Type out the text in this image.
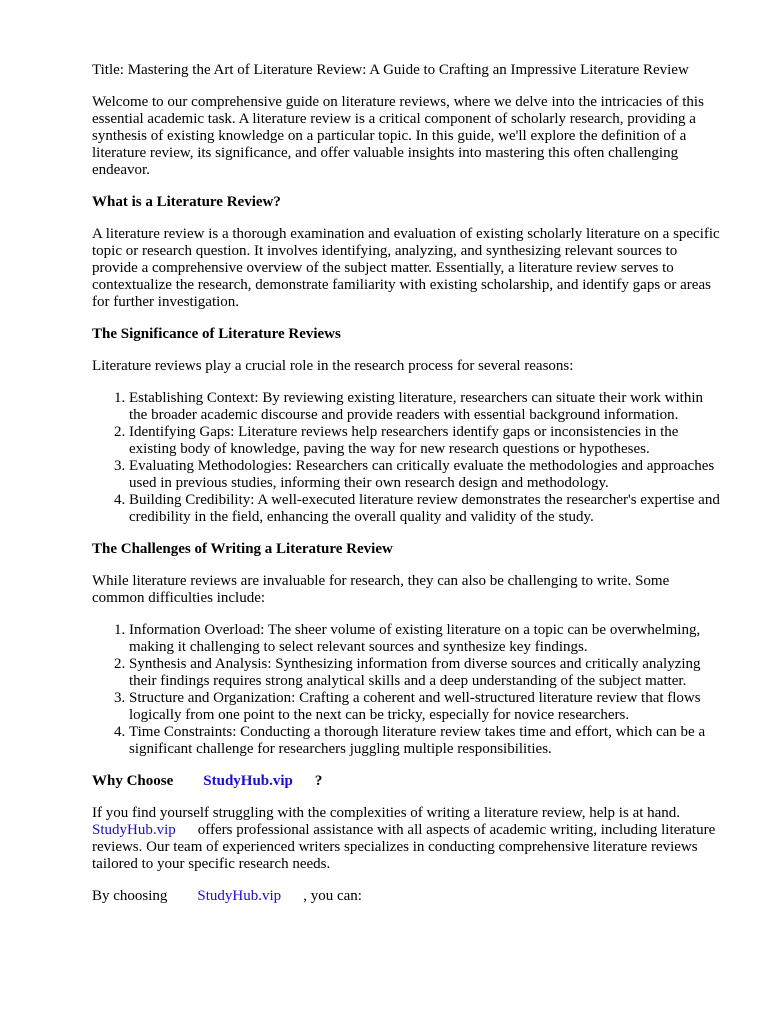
Title: Mastering the Art of Literature Review: A Guide to Crafting an Impressive Literature Review

Welcome to our comprehensive guide on literature reviews, where we delve into the intricacies of this essential academic task. A literature review is a critical component of scholarly research, providing a synthesis of existing knowledge on a particular topic. In this guide, we'll explore the definition of a literature review, its significance, and offer valuable insights into mastering this often challenging endeavor.

What is a Literature Review?

A literature review is a thorough examination and evaluation of existing scholarly literature on a specific topic or research question. It involves identifying, analyzing, and synthesizing relevant sources to provide a comprehensive overview of the subject matter. Essentially, a literature review serves to contextualize the research, demonstrate familiarity with existing scholarship, and identify gaps or areas for further investigation.

The Significance of Literature Reviews

Literature reviews play a crucial role in the research process for several reasons:

1. Establishing Context: By reviewing existing literature, researchers can situate their work within the broader academic discourse and provide readers with essential background information.
2. Identifying Gaps: Literature reviews help researchers identify gaps or inconsistencies in the existing body of knowledge, paving the way for new research questions or hypotheses.
3. Evaluating Methodologies: Researchers can critically evaluate the methodologies and approaches used in previous studies, informing their own research design and methodology.
4. Building Credibility: A well-executed literature review demonstrates the researcher's expertise and credibility in the field, enhancing the overall quality and validity of the study.
The Challenges of Writing a Literature Review

While literature reviews are invaluable for research, they can also be challenging to write. Some common difficulties include:

1. Information Overload: The sheer volume of existing literature on a topic can be overwhelming, making it challenging to select relevant sources and synthesize key findings.
2. Synthesis and Analysis: Synthesizing information from diverse sources and critically analyzing their findings requires strong analytical skills and a deep understanding of the subject matter.
3. Structure and Organization: Crafting a coherent and well-structured literature review that flows logically from one point to the next can be tricky, especially for novice researchers.
4. Time Constraints: Conducting a thorough literature review takes time and effort, which can be a significant challenge for researchers juggling multiple responsibilities.
Why Choose StudyHub.vip ?

If you find yourself struggling with the complexities of writing a literature review, help is at hand. StudyHub.vip offers professional assistance with all aspects of academic writing, including literature reviews. Our team of experienced writers specializes in conducting comprehensive literature reviews tailored to your specific research needs.

By choosing StudyHub.vip , you can:
